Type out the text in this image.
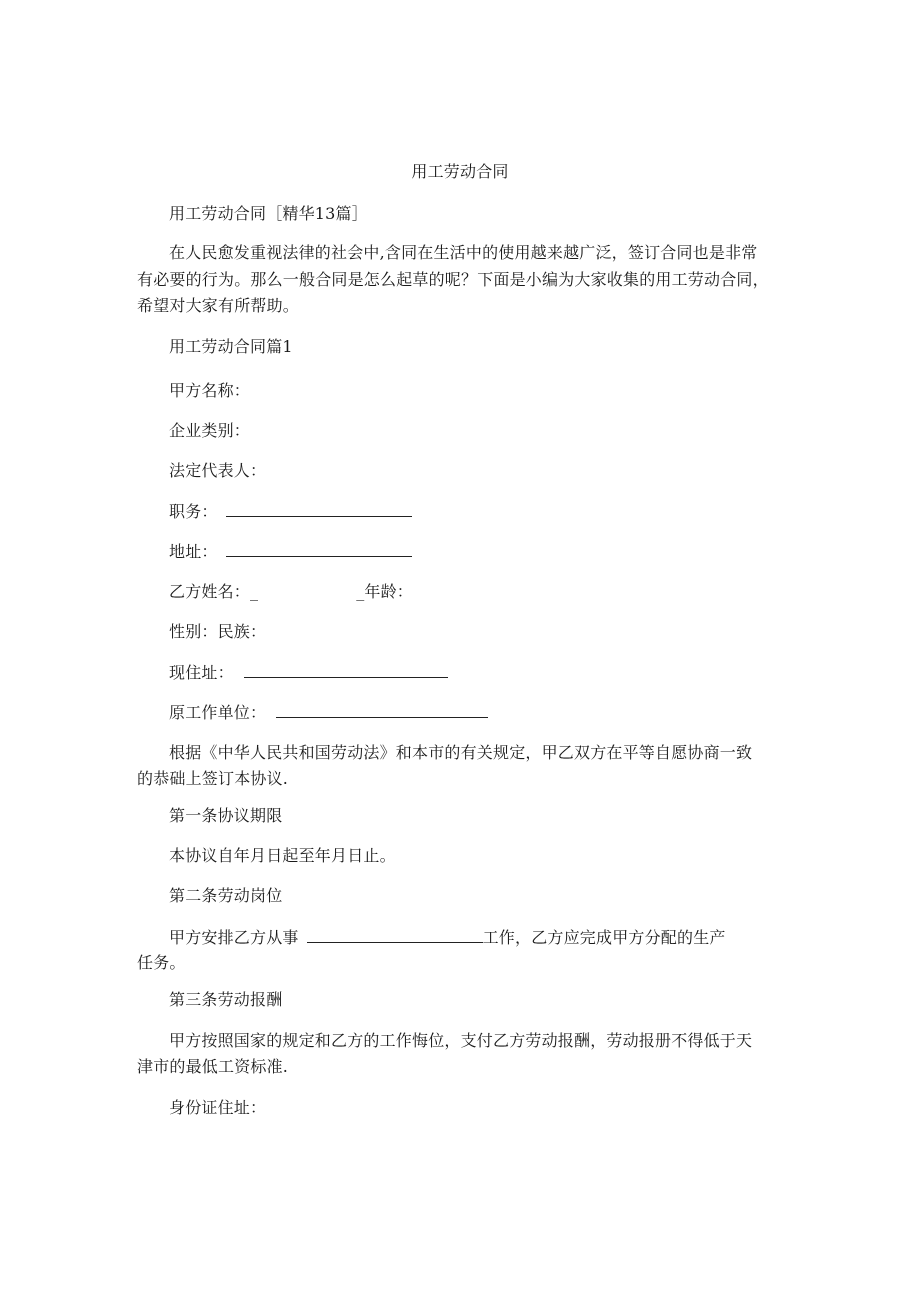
用工劳动合同
用工劳动合同［精华13篇］
在人民愈发重视法律的社会中,含同在生活中的使用越来越广泛，签订合同也是非常
有必要的行为。那么一般合同是怎么起草的呢？下面是小编为大家收集的用工劳动合同，
希望对大家有所帮助。
用工劳动合同篇1
甲方名称：
企业类别：
法定代表人：
职务：
地址：
乙方姓名：_	_年龄：
性别：民族：
现住址：
原工作单位：
根据《中华人民共和国劳动法》和本市的有关规定，甲乙双方在平等自愿协商一致
的恭础上签订本协议.
第一条协议期限
本协议自年月日起至年月日止。
第二条劳动岗位
甲方安排乙方从事	工作，乙方应完成甲方分配的生产
任务。
第三条劳动报酬
甲方按照国家的规定和乙方的工作悔位，支付乙方劳动报酬，劳动报册不得低于天
津市的最低工资标准.
身份证住址：
